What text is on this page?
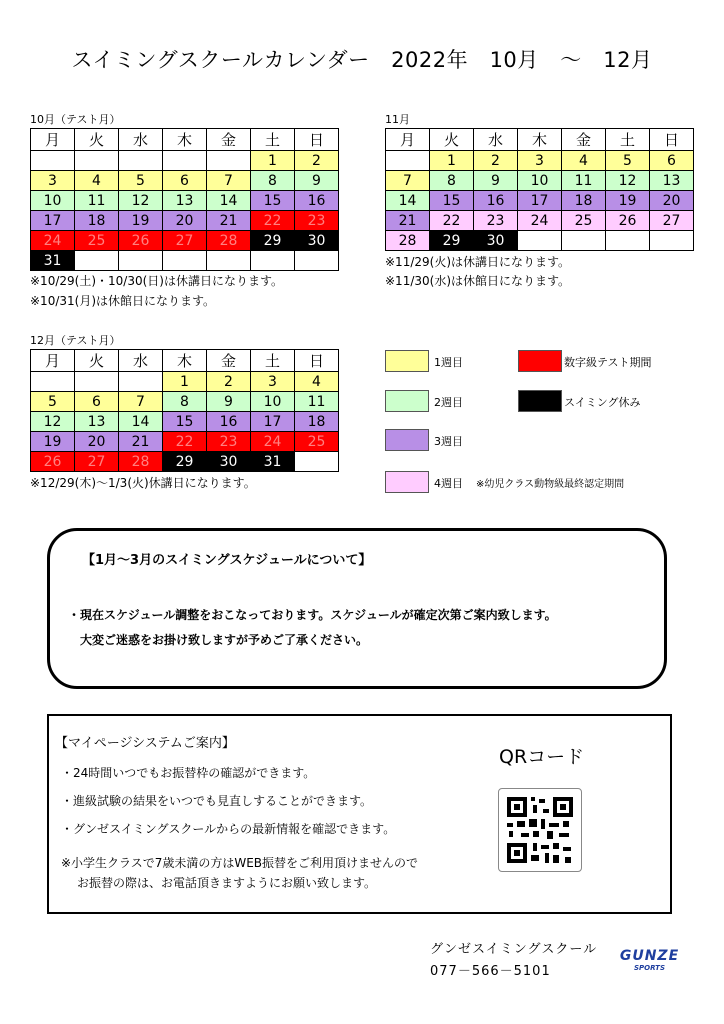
スイミングスクールカレンダー　2022年　10月　～　12月
10月（テスト月）
月	火	水	木	金	土	日
					1	2
3	4	5	6	7	8	9
10	11	12	13	14	15	16
17	18	19	20	21	22	23
24	25	26	27	28	29	30
31						
※10/29(土)・10/30(日)は休講日になります。
※10/31(月)は休館日になります。
11月
月	火	水	木	金	土	日
	1	2	3	4	5	6
7	8	9	10	11	12	13
14	15	16	17	18	19	20
21	22	23	24	25	26	27
28	29	30				
※11/29(火)は休講日になります。
※11/30(水)は休館日になります。
12月（テスト月）
月	火	水	木	金	土	日
			1	2	3	4
5	6	7	8	9	10	11
12	13	14	15	16	17	18
19	20	21	22	23	24	25
26	27	28	29	30	31	
※12/29(木)～1/3(火)休講日になります。
1週目	数字級テスト期間
2週目	スイミング休み
3週目
4週目 ※幼児クラス動物級最終認定期間
【1月～3月のスイミングスケジュールについて】
・現在スケジュール調整をおこなっております。スケジュールが確定次第ご案内致します。
大変ご迷惑をお掛け致しますが予めご了承ください。
【マイページシステムご案内】
・24時間いつでもお振替枠の確認ができます。
・進級試験の結果をいつでも見直しすることができます。
・グンゼスイミングスクールからの最新情報を確認できます。
※小学生クラスで7歳未満の方はWEB振替をご利用頂けませんので
お振替の際は、お電話頂きますようにお願い致します。
QRコード
グンゼスイミングスクール
077－566－5101
GUNZE
SPORTS
